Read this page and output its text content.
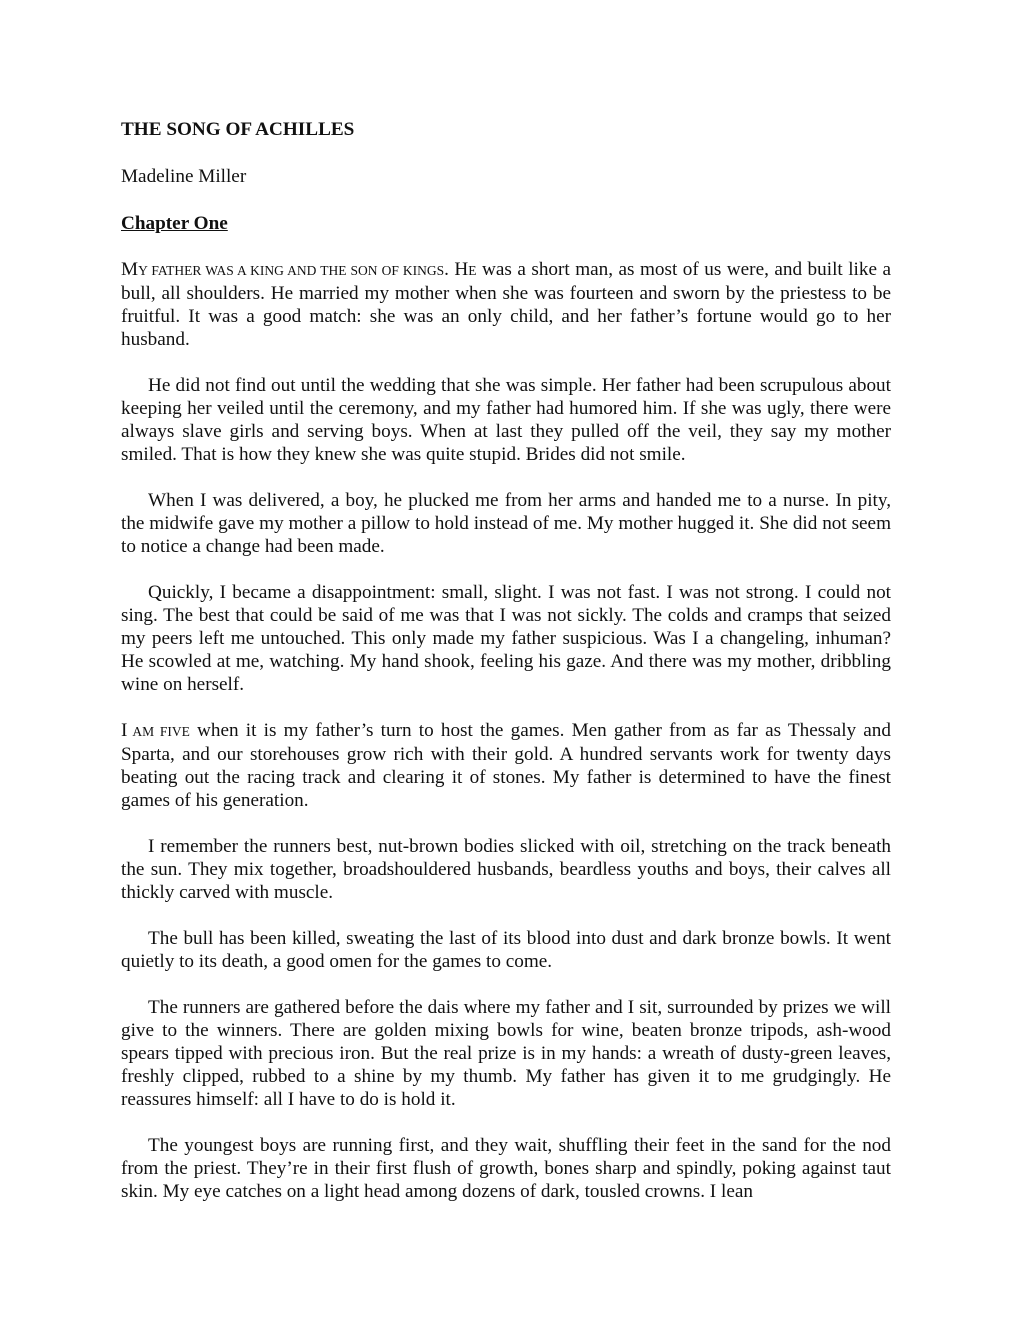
THE SONG OF ACHILLES
Madeline Miller
Chapter One

MY FATHER WAS A KING AND THE SON OF KINGS. HE was a short man, as most of us were, and built like a bull, all shoulders. He married my mother when she was fourteen and sworn by the priestess to be fruitful. It was a good match: she was an only child, and her father’s fortune would go to her husband.

He did not find out until the wedding that she was simple. Her father had been scrupulous about keeping her veiled until the ceremony, and my father had humored him. If she was ugly, there were always slave girls and serving boys. When at last they pulled off the veil, they say my mother smiled. That is how they knew she was quite stupid. Brides did not smile.

When I was delivered, a boy, he plucked me from her arms and handed me to a nurse. In pity, the midwife gave my mother a pillow to hold instead of me. My mother hugged it. She did not seem to notice a change had been made.

Quickly, I became a disappointment: small, slight. I was not fast. I was not strong. I could not sing. The best that could be said of me was that I was not sickly. The colds and cramps that seized my peers left me untouched. This only made my father suspicious. Was I a changeling, inhuman? He scowled at me, watching. My hand shook, feeling his gaze. And there was my mother, dribbling wine on herself.

I AM FIVE when it is my father’s turn to host the games. Men gather from as far as Thessaly and Sparta, and our storehouses grow rich with their gold. A hundred servants work for twenty days beating out the racing track and clearing it of stones. My father is determined to have the finest games of his generation.

I remember the runners best, nut-brown bodies slicked with oil, stretching on the track beneath the sun. They mix together, broadshouldered husbands, beardless youths and boys, their calves all thickly carved with muscle.

The bull has been killed, sweating the last of its blood into dust and dark bronze bowls. It went quietly to its death, a good omen for the games to come.

The runners are gathered before the dais where my father and I sit, surrounded by prizes we will give to the winners. There are golden mixing bowls for wine, beaten bronze tripods, ash-wood spears tipped with precious iron. But the real prize is in my hands: a wreath of dusty-green leaves, freshly clipped, rubbed to a shine by my thumb. My father has given it to me grudgingly. He reassures himself: all I have to do is hold it.

The youngest boys are running first, and they wait, shuffling their feet in the sand for the nod from the priest. They’re in their first flush of growth, bones sharp and spindly, poking against taut skin. My eye catches on a light head among dozens of dark, tousled crowns. I lean
